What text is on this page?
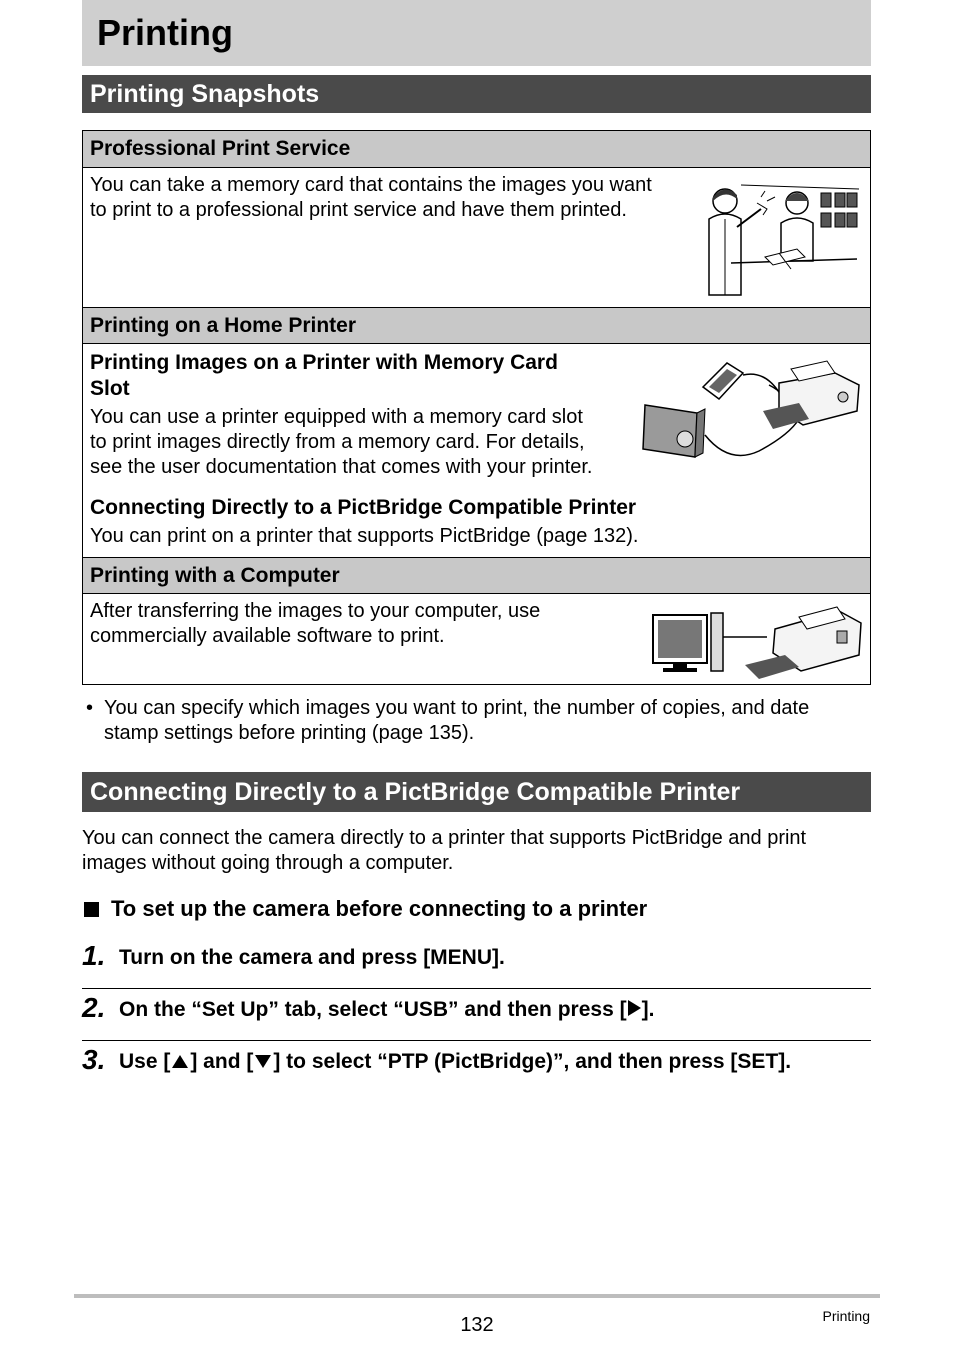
Printing
Printing Snapshots
Professional Print Service
You can take a memory card that contains the images you want
to print to a professional print service and have them printed.
Printing on a Home Printer
Printing Images on a Printer with Memory Card
Slot
You can use a printer equipped with a memory card slot
to print images directly from a memory card. For details,
see the user documentation that comes with your printer.
Connecting Directly to a PictBridge Compatible Printer
You can print on a printer that supports PictBridge (page 132).
Printing with a Computer
After transferring the images to your computer, use
commercially available software to print.
• You can specify which images you want to print, the number of copies, and date
stamp settings before printing (page 135).
Connecting Directly to a PictBridge Compatible Printer
You can connect the camera directly to a printer that supports PictBridge and print
images without going through a computer.
To set up the camera before connecting to a printer
1. Turn on the camera and press [MENU].
2. On the “Set Up” tab, select “USB” and then press [ ].
3. Use [ ] and [ ] to select “PTP (PictBridge)”, and then press [SET].
132	Printing
